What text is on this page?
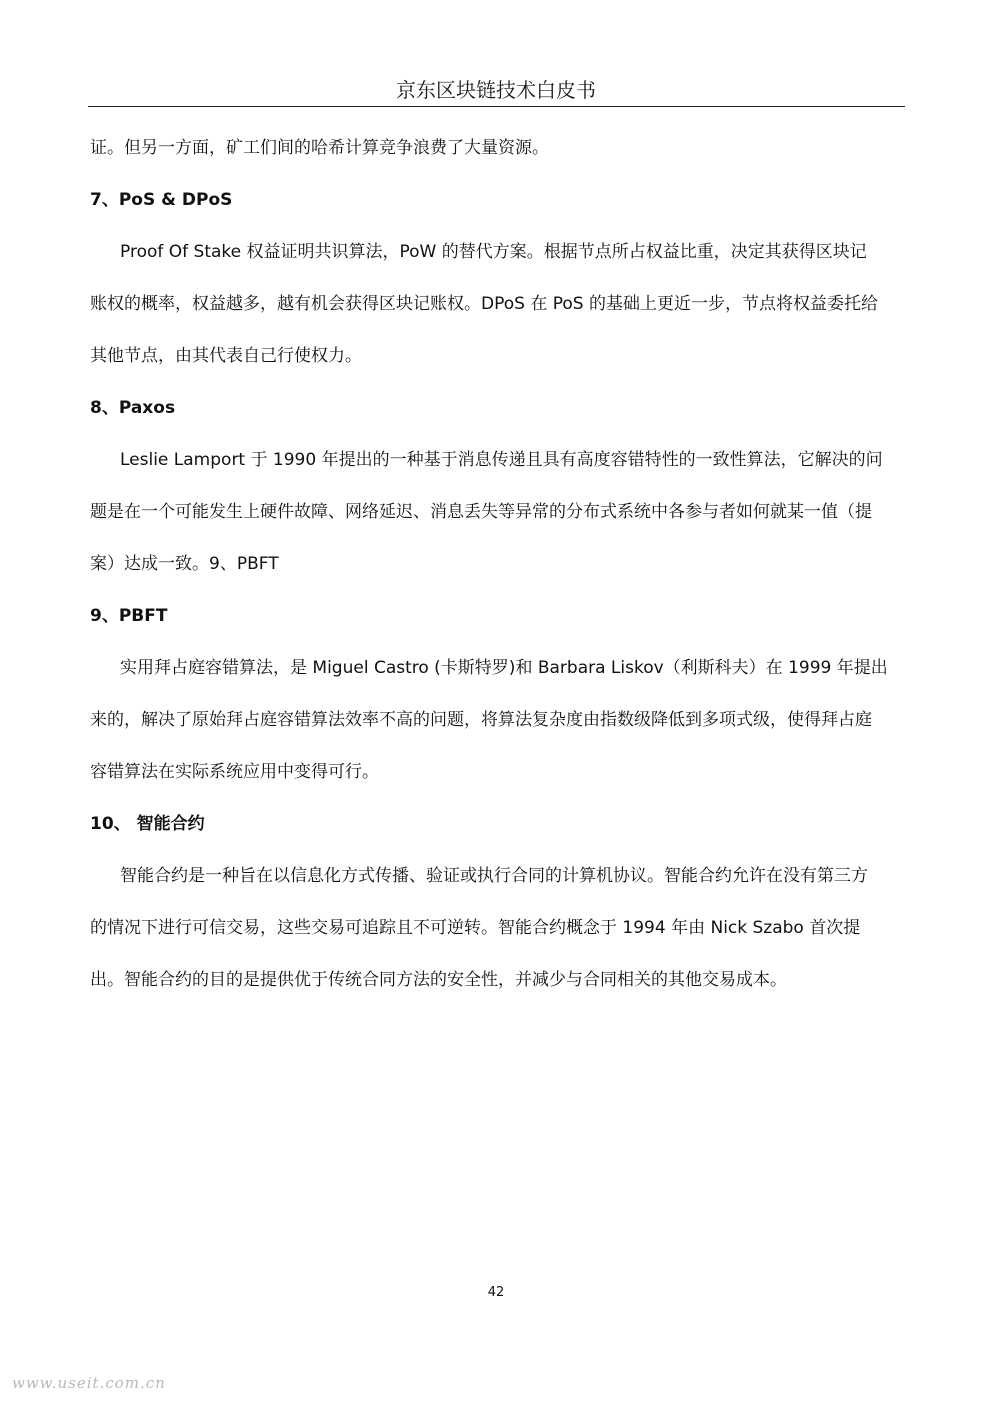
京东区块链技术白皮书
证。但另一方面，矿工们间的哈希计算竞争浪费了大量资源。
7、PoS & DPoS
Proof Of Stake 权益证明共识算法，PoW 的替代方案。根据节点所占权益比重，决定其获得区块记
账权的概率，权益越多，越有机会获得区块记账权。DPoS 在 PoS 的基础上更近一步，节点将权益委托给
其他节点，由其代表自己行使权力。
8、Paxos
Leslie Lamport 于 1990 年提出的一种基于消息传递且具有高度容错特性的一致性算法，它解决的问
题是在一个可能发生上硬件故障、网络延迟、消息丢失等异常的分布式系统中各参与者如何就某一值（提
案）达成一致。9、PBFT
9、PBFT
实用拜占庭容错算法，是 Miguel Castro (卡斯特罗)和 Barbara Liskov（利斯科夫）在 1999 年提出
来的，解决了原始拜占庭容错算法效率不高的问题，将算法复杂度由指数级降低到多项式级，使得拜占庭
容错算法在实际系统应用中变得可行。
10、 智能合约
智能合约是一种旨在以信息化方式传播、验证或执行合同的计算机协议。智能合约允许在没有第三方
的情况下进行可信交易，这些交易可追踪且不可逆转。智能合约概念于 1994 年由 Nick Szabo 首次提
出。智能合约的目的是提供优于传统合同方法的安全性，并减少与合同相关的其他交易成本。
42
www.useit.com.cn
